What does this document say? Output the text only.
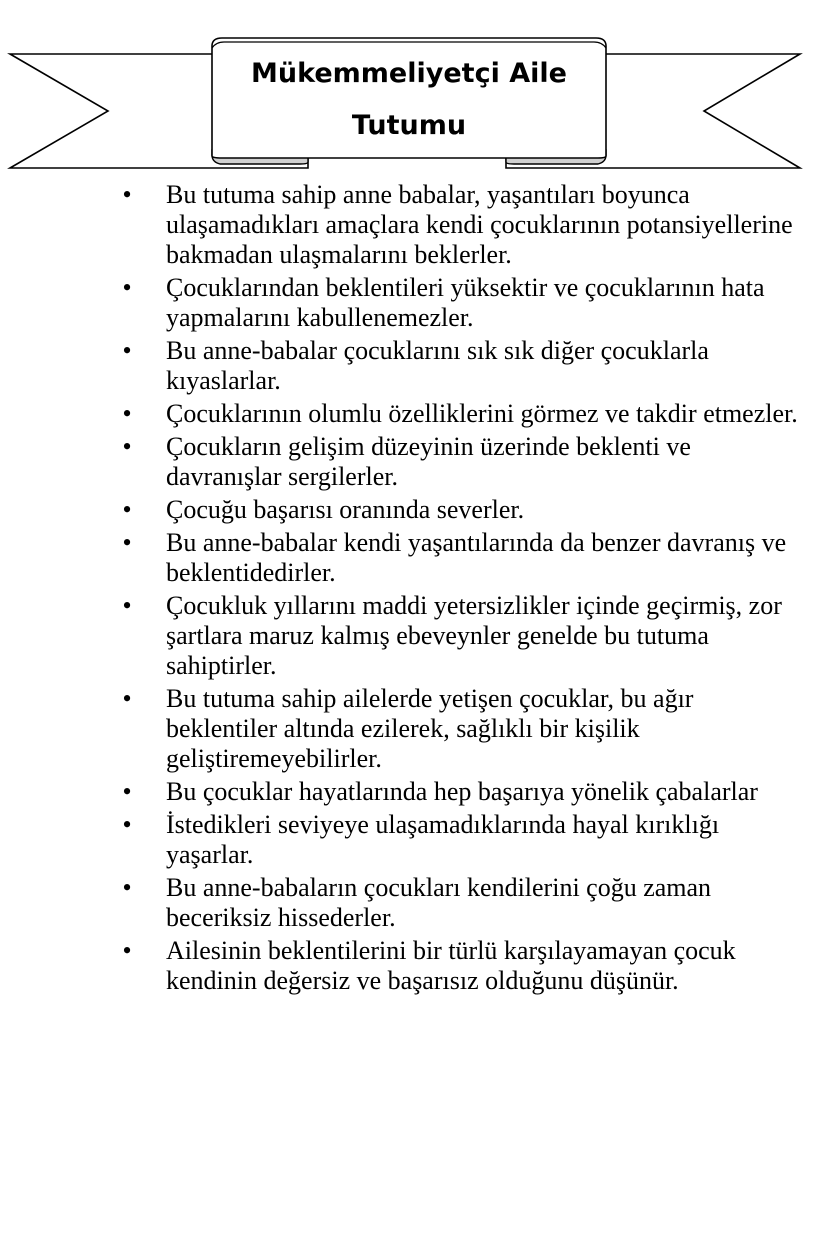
Mükemmeliyetçi Aile
Tutumu
• Bu tutuma sahip anne babalar, yaşantıları boyunca ulaşamadıkları amaçlara kendi çocuklarının potansiyellerine bakmadan ulaşmalarını beklerler.
• Çocuklarından beklentileri yüksektir ve çocuklarının hata yapmalarını kabullenemezler.
• Bu anne-babalar çocuklarını sık sık diğer çocuklarla kıyaslarlar.
• Çocuklarının olumlu özelliklerini görmez ve takdir etmezler.
• Çocukların gelişim düzeyinin üzerinde beklenti ve davranışlar sergilerler.
• Çocuğu başarısı oranında severler.
• Bu anne-babalar kendi yaşantılarında da benzer davranış ve beklentidedirler.
• Çocukluk yıllarını maddi yetersizlikler içinde geçirmiş, zor şartlara maruz kalmış ebeveynler genelde bu tutuma sahiptirler.
• Bu tutuma sahip ailelerde yetişen çocuklar, bu ağır beklentiler altında ezilerek, sağlıklı bir kişilik geliştiremeyebilirler.
• Bu çocuklar hayatlarında hep başarıya yönelik çabalarlar
• İstedikleri seviyeye ulaşamadıklarında hayal kırıklığı yaşarlar.
• Bu anne-babaların çocukları kendilerini çoğu zaman beceriksiz hissederler.
• Ailesinin beklentilerini bir türlü karşılayamayan çocuk kendinin değersiz ve başarısız olduğunu düşünür.
